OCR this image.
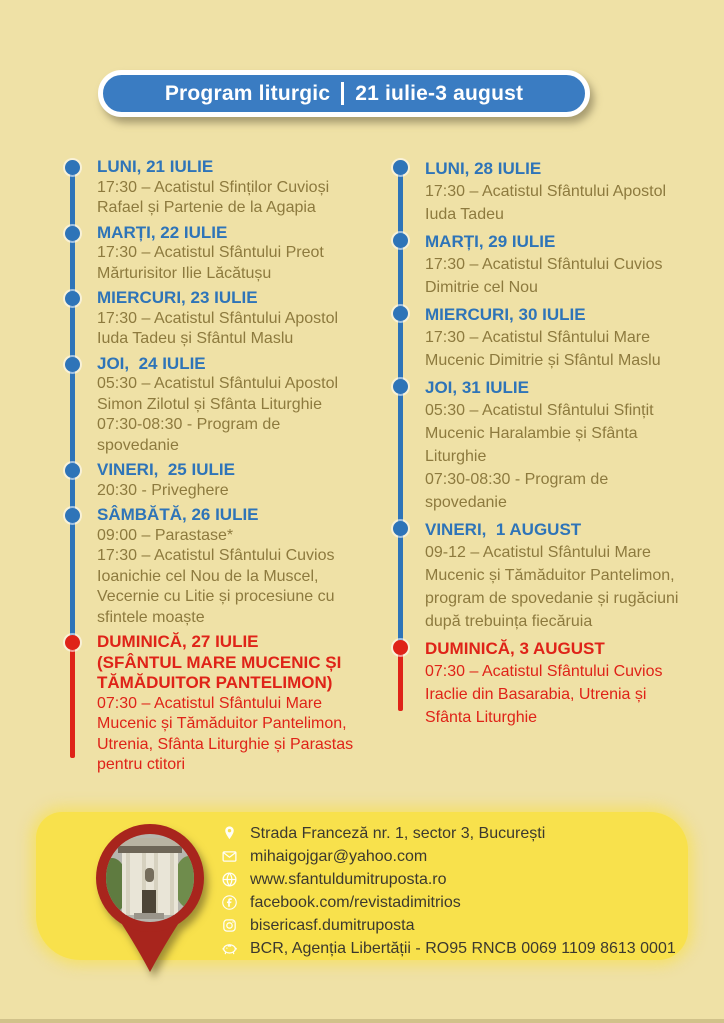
Program liturgic 21 iulie-3 august
LUNI, 21 IULIE
17:30 – Acatistul Sfinților Cuvioși Rafael și Partenie de la Agapia
MARȚI, 22 IULIE
17:30 – Acatistul Sfântului Preot Mărturisitor Ilie Lăcătușu
MIERCURI, 23 IULIE
17:30 – Acatistul Sfântului Apostol Iuda Tadeu și Sfântul Maslu
JOI,  24 IULIE
05:30 – Acatistul Sfântului Apostol Simon Zilotul și Sfânta Liturghie
07:30-08:30 - Program de spovedanie
VINERI,  25 IULIE
20:30 - Priveghere
SÂMBĂTĂ, 26 IULIE
09:00 – Parastase*
17:30 – Acatistul Sfântului Cuvios Ioanichie cel Nou de la Muscel, Vecernie cu Litie și procesiune cu sfintele moaște
DUMINICĂ, 27 IULIE
(SFÂNTUL MARE MUCENIC ȘI TĂMĂDUITOR PANTELIMON)
07:30 – Acatistul Sfântului Mare Mucenic și Tămăduitor Pantelimon, Utrenia, Sfânta Liturghie și Parastas pentru ctitori
LUNI, 28 IULIE
17:30 – Acatistul Sfântului Apostol Iuda Tadeu
MARȚI, 29 IULIE
17:30 – Acatistul Sfântului Cuvios Dimitrie cel Nou
MIERCURI, 30 IULIE
17:30 – Acatistul Sfântului Mare Mucenic Dimitrie și Sfântul Maslu
JOI, 31 IULIE
05:30 – Acatistul Sfântului Sfințit Mucenic Haralambie și Sfânta Liturghie
07:30-08:30 - Program de spovedanie
VINERI,  1 AUGUST
09-12 – Acatistul Sfântului Mare Mucenic și Tămăduitor Pantelimon, program de spovedanie și rugăciuni după trebuința fiecăruia
DUMINICĂ, 3 AUGUST
07:30 – Acatistul Sfântului Cuvios Iraclie din Basarabia, Utrenia și Sfânta Liturghie
Strada Franceză nr. 1, sector 3, București
mihaigojgar@yahoo.com
www.sfantuldumitruposta.ro
facebook.com/revistadimitrios
bisericasf.dumitruposta
BCR, Agenția Libertății - RO95 RNCB 0069 1109 8613 0001
